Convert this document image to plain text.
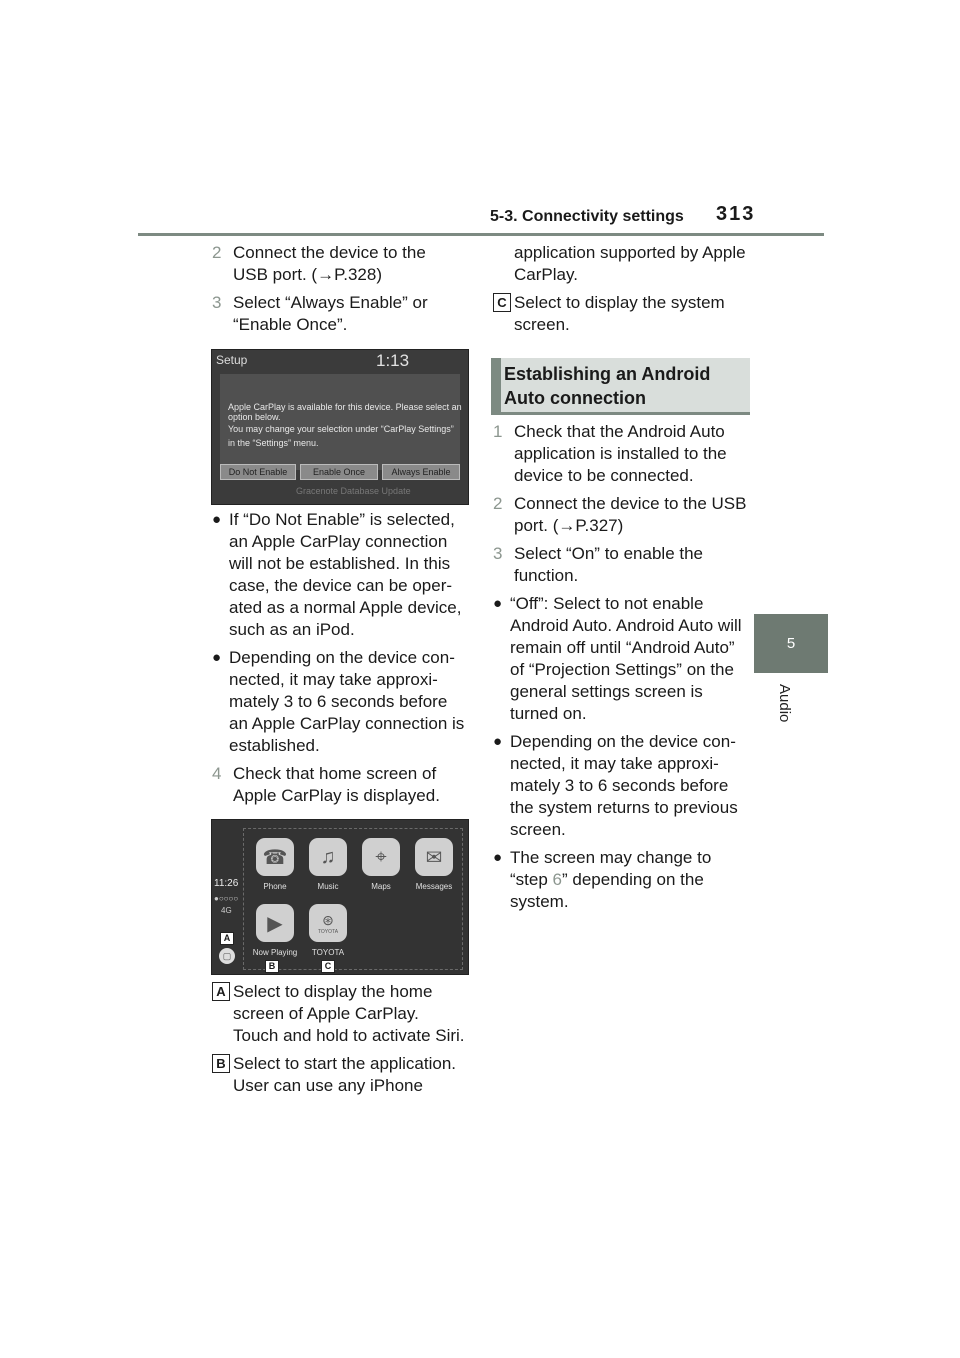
5-3. Connectivity settings 313
5
Audio
2 Connect the device to the USB port. (→P.328)
3 Select “Always Enable” or “Enable Once”.
Setup	1:13
Apple CarPlay is available for this device. Please select an option below.
You may change your selection under “CarPlay Settings”
in the “Settings” menu.
Do Not Enable	Enable Once	Always Enable
Gracenote Database Update
● If “Do Not Enable” is selected, an Apple CarPlay connection will not be established. In this case, the device can be oper-ated as a normal Apple device, such as an iPod.
● Depending on the device con-nected, it may take approxi-mately 3 to 6 seconds before an Apple CarPlay connection is established.
4 Check that home screen of Apple CarPlay is displayed.
11:26
●○○○○
4G
☎
Phone
♫
Music
⌖
Maps
✉
Messages
▶
Now Playing
⊛
TOYOTA
TOYOTA
▢
A
B	C
A Select to display the home screen of Apple CarPlay. Touch and hold to activate Siri.
B Select to start the application. User can use any iPhone
application supported by Apple CarPlay.
C Select to display the system screen.
Establishing an Android Auto connection
1 Check that the Android Auto application is installed to the device to be connected.
2 Connect the device to the USB port. (→P.327)
3 Select “On” to enable the function.
● “Off”: Select to not enable Android Auto. Android Auto will remain off until “Android Auto” of “Projection Settings” on the general settings screen is turned on.
● Depending on the device con-nected, it may take approxi-mately 3 to 6 seconds before the system returns to previous screen.
● The screen may change to “step 6” depending on the system.
